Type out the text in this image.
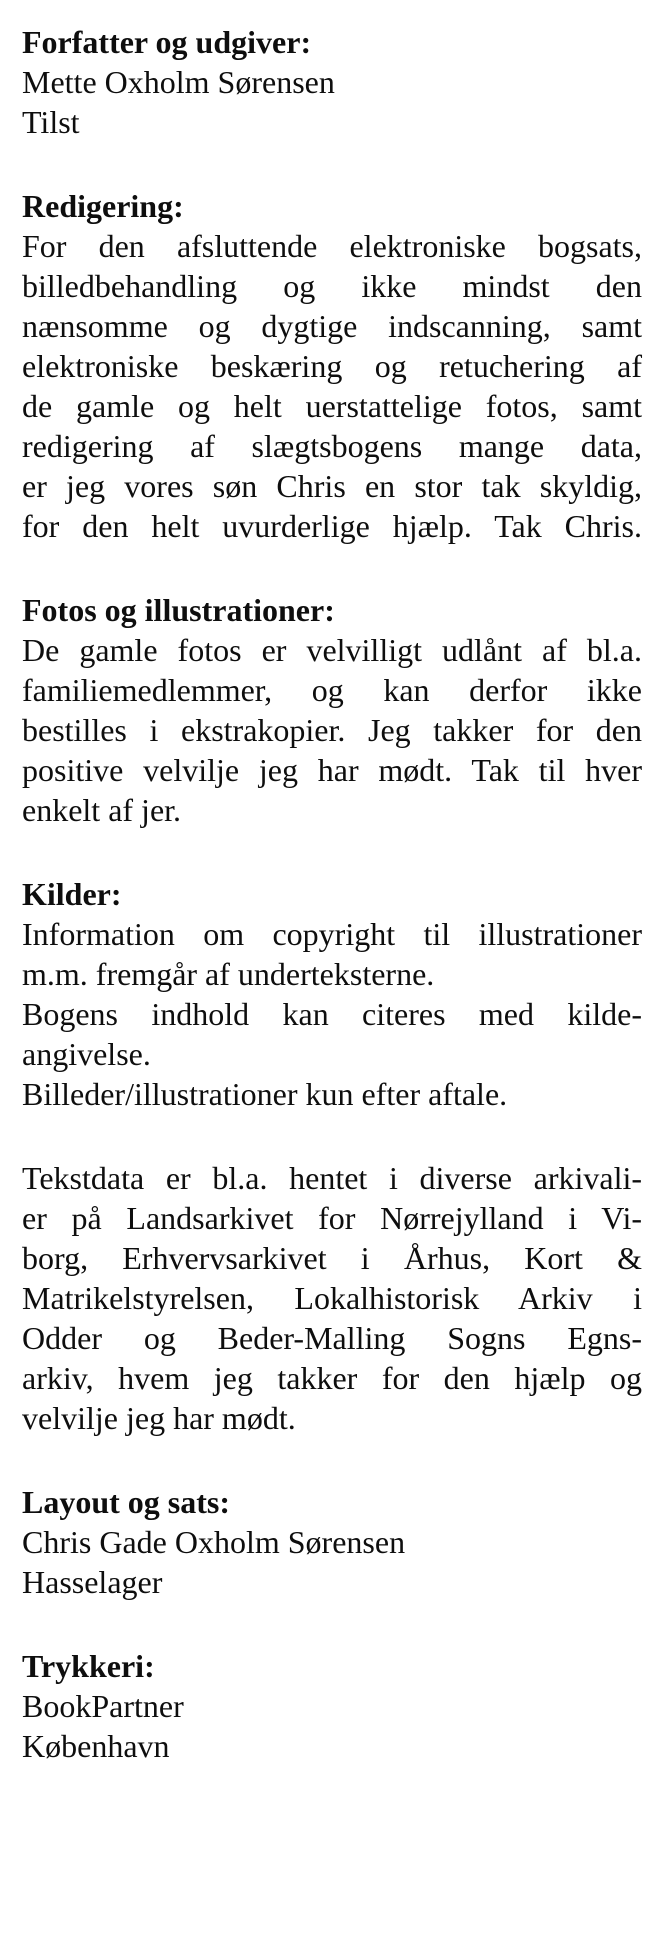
Forfatter og udgiver:

Mette Oxholm Sørensen

Tilst

Redigering:

For den afsluttende elektroniske bogsats,

billedbehandling og ikke mindst den

nænsomme og dygtige indscanning, samt

elektroniske beskæring og retuchering af

de gamle og helt uerstattelige fotos, samt

redigering af slægtsbogens mange data,

er jeg vores søn Chris en stor tak skyldig,

for den helt uvurderlige hjælp. Tak Chris.

Fotos og illustrationer:

De gamle fotos er velvilligt udlånt af bl.a.

familiemedlemmer, og kan derfor ikke

bestilles i ekstrakopier. Jeg takker for den

positive velvilje jeg har mødt. Tak til hver

enkelt af jer.

Kilder:

Information om copyright til illustrationer

m.m. fremgår af underteksterne.

Bogens indhold kan citeres med kilde-

angivelse.

Billeder/illustrationer kun efter aftale.

Tekstdata er bl.a. hentet i diverse arkivali-

er på Landsarkivet for Nørrejylland i Vi-

borg, Erhvervsarkivet i Århus, Kort &

Matrikelstyrelsen, Lokalhistorisk Arkiv i

Odder og Beder-Malling Sogns Egns-

arkiv, hvem jeg takker for den hjælp og

velvilje jeg har mødt.

Layout og sats:

Chris Gade Oxholm Sørensen

Hasselager

Trykkeri:

BookPartner

København
